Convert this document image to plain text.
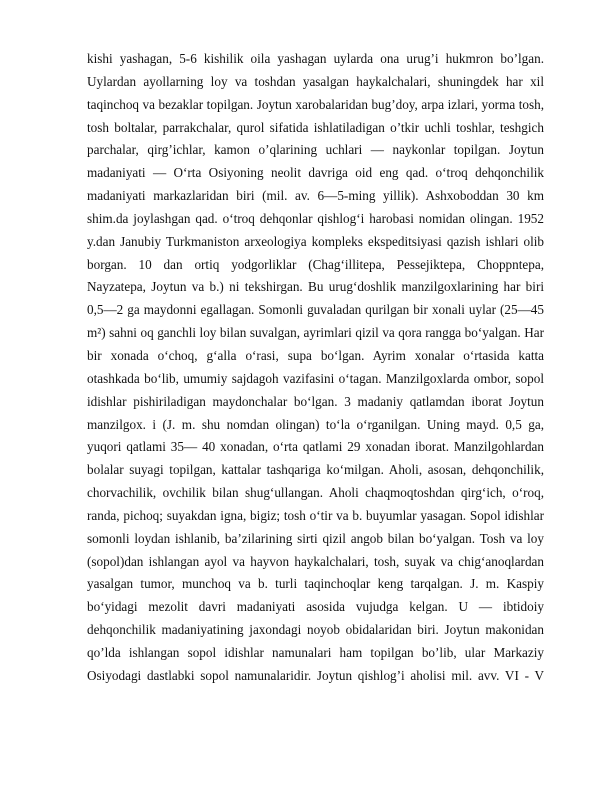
kishi yashagan, 5-6 kishilik oila yashagan uylarda ona urug’i hukmron bo’lgan.
Uylardan ayollarning loy va toshdan yasalgan haykalchalari, shuningdek har xil
taqinchoq va bezaklar topilgan. Joytun xarobalaridan bug’doy, arpa izlari, yorma tosh,
tosh boltalar, parrakchalar, qurol sifatida ishlatiladigan o’tkir uchli toshlar, teshgich
parchalar, qirg’ichlar, kamon o’qlarining uchlari — naykonlar topilgan. Joytun
madaniyati — Oʻrta Osiyoning neolit davriga oid eng qad. oʻtroq dehqonchilik
madaniyati markazlaridan biri (mil. av. 6—5-ming yillik). Ashxoboddan 30 km
shim.da joylashgan qad. oʻtroq dehqonlar qishlogʻi harobasi nomidan olingan. 1952
y.dan Janubiy Turkmaniston arxeologiya kompleks ekspeditsiyasi qazish ishlari olib
borgan. 10 dan ortiq yodgorliklar (Chagʻillitepa, Pessejiktepa, Choppntepa,
Nayzatepa, Joytun va b.) ni tekshirgan. Bu urugʻdoshlik manzilgoxlarining har biri
0,5—2 ga maydonni egallagan. Somonli guvaladan qurilgan bir xonali uylar (25—45
m²) sahni oq ganchli loy bilan suvalgan, ayrimlari qizil va qora rangga boʻyalgan. Har
bir xonada oʻchoq, gʻalla oʻrasi, supa boʻlgan. Ayrim xonalar oʻrtasida katta
otashkada boʻlib, umumiy sajdagoh vazifasini oʻtagan. Manzilgoxlarda ombor, sopol
idishlar pishiriladigan maydonchalar boʻlgan. 3 madaniy qatlamdan iborat Joytun
manzilgox. i (J. m. shu nomdan olingan) toʻla oʻrganilgan. Uning mayd. 0,5 ga,
yuqori qatlami 35— 40 xonadan, oʻrta qatlami 29 xonadan iborat. Manzilgohlardan
bolalar suyagi topilgan, kattalar tashqariga koʻmilgan. Aholi, asosan, dehqonchilik,
chorvachilik, ovchilik bilan shugʻullangan. Aholi chaqmoqtoshdan qirgʻich, oʻroq,
randa, pichoq; suyakdan igna, bigiz; tosh oʻtir va b. buyumlar yasagan. Sopol idishlar
somonli loydan ishlanib, baʼzilarining sirti qizil angob bilan boʻyalgan. Tosh va loy
(sopol)dan ishlangan ayol va hayvon haykalchalari, tosh, suyak va chigʻanoqlardan
yasalgan tumor, munchoq va b. turli taqinchoqlar keng tarqalgan. J. m. Kaspiy
boʻyidagi mezolit davri madaniyati asosida vujudga kelgan. U — ibtidoiy
dehqonchilik madaniyatining jaxondagi noyob obidalaridan biri. Joytun makonidan
qo’lda ishlangan sopol idishlar namunalari ham topilgan bo’lib, ular Markaziy
Osiyodagi dastlabki sopol namunalaridir. Joytun qishlog’i aholisi mil. avv. VI - V
